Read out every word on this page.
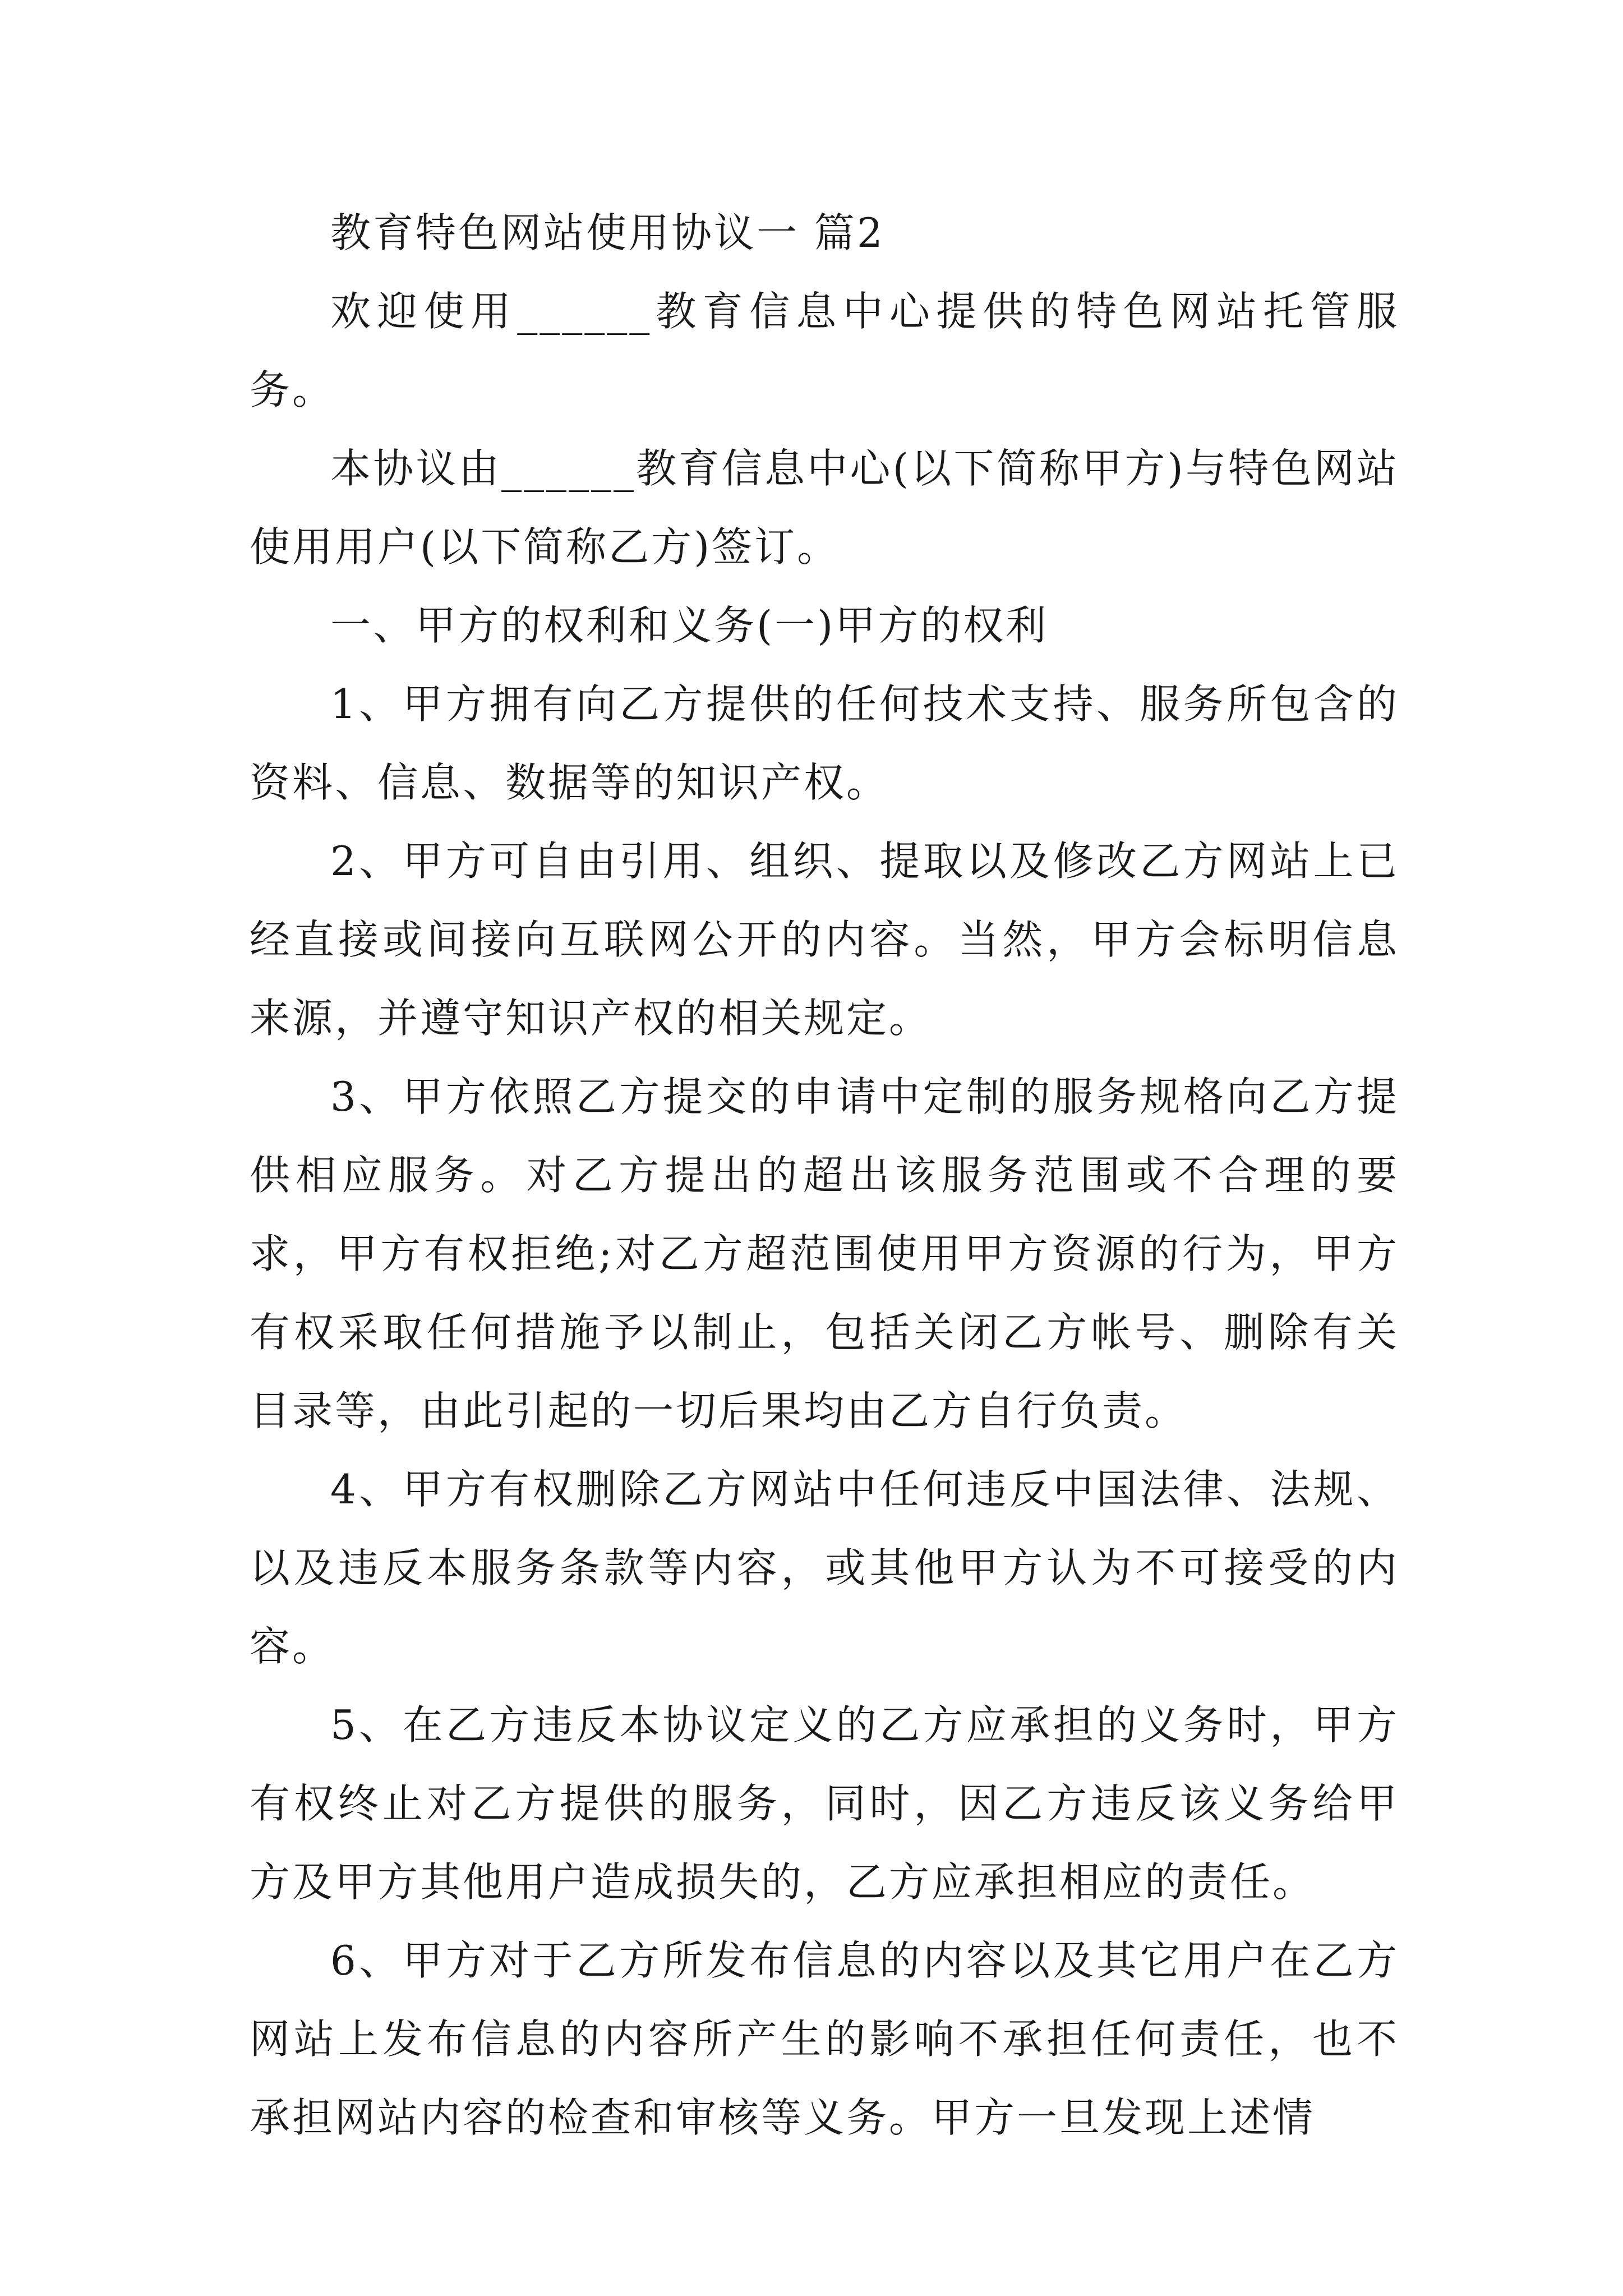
教育特色网站使用协议一 篇2

欢迎使用______教育信息中心提供的特色网站托管服务。

本协议由______教育信息中心(以下简称甲方)与特色网站使用用户(以下简称乙方)签订。

一、甲方的权利和义务(一)甲方的权利

1、甲方拥有向乙方提供的任何技术支持、服务所包含的资料、信息、数据等的知识产权。

2、甲方可自由引用、组织、提取以及修改乙方网站上已经直接或间接向互联网公开的内容。当然，甲方会标明信息来源，并遵守知识产权的相关规定。

3、甲方依照乙方提交的申请中定制的服务规格向乙方提供相应服务。对乙方提出的超出该服务范围或不合理的要求，甲方有权拒绝;对乙方超范围使用甲方资源的行为，甲方有权采取任何措施予以制止，包括关闭乙方帐号、删除有关目录等，由此引起的一切后果均由乙方自行负责。

4、甲方有权删除乙方网站中任何违反中国法律、法规、以及违反本服务条款等内容，或其他甲方认为不可接受的内容。

5、在乙方违反本协议定义的乙方应承担的义务时，甲方有权终止对乙方提供的服务，同时，因乙方违反该义务给甲方及甲方其他用户造成损失的，乙方应承担相应的责任。

6、甲方对于乙方所发布信息的内容以及其它用户在乙方网站上发布信息的内容所产生的影响不承担任何责任，也不承担网站内容的检查和审核等义务。甲方一旦发现上述情
